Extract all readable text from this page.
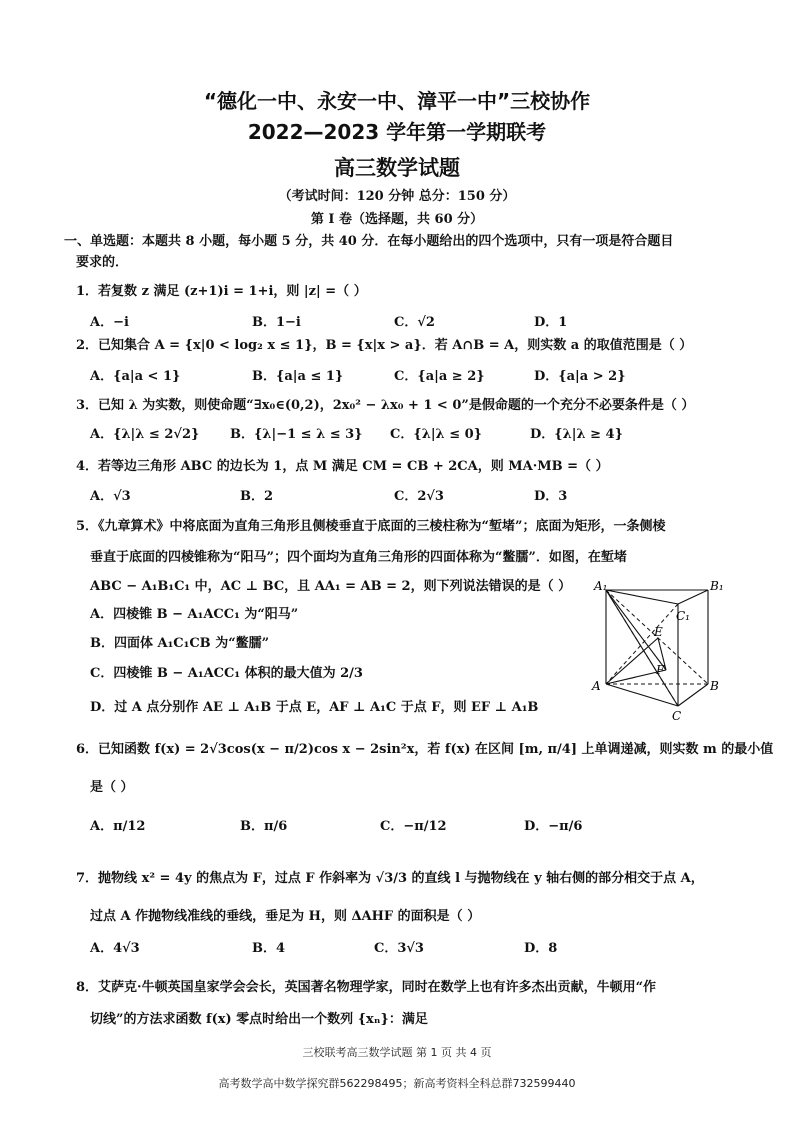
“德化一中、永安一中、漳平一中”三校协作
2022—2023 学年第一学期联考
高三数学试题
（考试时间：120 分钟 总分：150 分）
第 I 卷（选择题，共 60 分）
一、单选题：本题共 8 小题，每小题 5 分，共 40 分．在每小题给出的四个选项中，只有一项是符合题目
要求的．
1．若复数 z 满足 (z+1)i = 1+i，则 |z| =（ ）
A．−i	B．1−i	C．√2	D．1
2．已知集合 A = {x|0 < log₂ x ≤ 1}，B = {x|x > a}．若 A∩B = A，则实数 a 的取值范围是（ ）
A．{a|a < 1}	B．{a|a ≤ 1}	C．{a|a ≥ 2}	D．{a|a > 2}
3．已知 λ 为实数，则使命题“∃x₀∈(0,2)，2x₀² − λx₀ + 1 < 0”是假命题的一个充分不必要条件是（ ）
A．{λ|λ ≤ 2√2} B．{λ|−1 ≤ λ ≤ 3} C．{λ|λ ≤ 0}	D．{λ|λ ≥ 4}
4．若等边三角形 ABC 的边长为 1，点 M 满足 CM = CB + 2CA，则 MA·MB =（ ）
A．√3	B．2	C．2√3	D．3
5．《九章算术》中将底面为直角三角形且侧棱垂直于底面的三棱柱称为“堑堵”；底面为矩形，一条侧棱
垂直于底面的四棱锥称为“阳马”；四个面均为直角三角形的四面体称为“鳖臑”．如图，在堑堵
ABC − A₁B₁C₁ 中，AC ⊥ BC，且 AA₁ = AB = 2，则下列说法错误的是（ ）
A．四棱锥 B − A₁ACC₁ 为“阳马”
B．四面体 A₁C₁CB 为“鳖臑”
C．四棱锥 B − A₁ACC₁ 体积的最大值为 2/3
D．过 A 点分别作 AE ⊥ A₁B 于点 E，AF ⊥ A₁C 于点 F，则 EF ⊥ A₁B
A₁	B₁
C₁
E
F
A	B
C
6．已知函数 f(x) = 2√3cos(x − π/2)cos x − 2sin²x，若 f(x) 在区间 [m, π/4] 上单调递减，则实数 m 的最小值
是（ ）
A．π/12	B．π/6	C．−π/12	D．−π/6
7．抛物线 x² = 4y 的焦点为 F，过点 F 作斜率为 √3/3 的直线 l 与抛物线在 y 轴右侧的部分相交于点 A，
过点 A 作抛物线准线的垂线，垂足为 H，则 ΔAHF 的面积是（ ）
A．4√3	B．4	C．3√3	D．8
8．艾萨克·牛顿英国皇家学会会长，英国著名物理学家，同时在数学上也有许多杰出贡献，牛顿用“作
切线”的方法求函数 f(x) 零点时给出一个数列 {xₙ}：满足
三校联考高三数学试题 第 1 页 共 4 页
高考数学高中数学探究群562298495；新高考资料全科总群732599440
